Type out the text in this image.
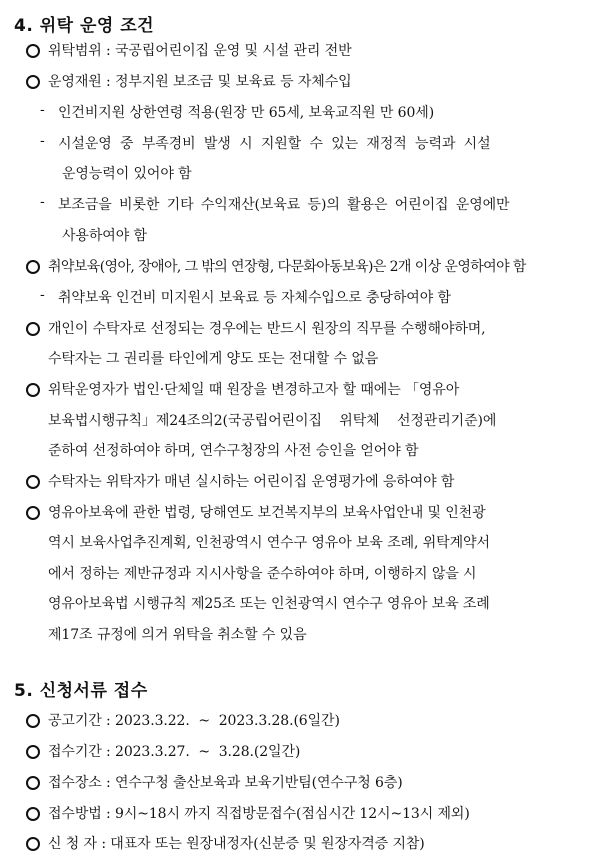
4. 위탁 운영 조건
위탁범위 : 국공립어린이집 운영 및 시설 관리 전반
운영재원 : 정부지원 보조금 및 보육료 등 자체수입
- 인건비지원 상한연령 적용(원장 만 65세, 보육교직원 만 60세)
- 시설운영 중 부족경비 발생 시 지원할 수 있는 재정적 능력과 시설
운영능력이 있어야 함
- 보조금을 비롯한 기타 수익재산(보육료 등)의 활용은 어린이집 운영에만
사용하여야 함
취약보육(영아, 장애아, 그 밖의 연장형, 다문화아동보육)은 2개 이상 운영하여야 함
- 취약보육 인건비 미지원시 보육료 등 자체수입으로 충당하여야 함
개인이 수탁자로 선정되는 경우에는 반드시 원장의 직무를 수행해야하며,
수탁자는 그 권리를 타인에게 양도 또는 전대할 수 없음
위탁운영자가 법인·단체일 때 원장을 변경하고자 할 때에는 「영유아
보육법시행규칙」제24조의2(국공립어린이집    위탁체    선정관리기준)에
준하여 선정하여야 하며, 연수구청장의 사전 승인을 얻어야 함
수탁자는 위탁자가 매년 실시하는 어린이집 운영평가에 응하여야 함
영유아보육에 관한 법령, 당해연도 보건복지부의 보육사업안내 및 인천광
역시 보육사업추진계획, 인천광역시 연수구 영유아 보육 조례, 위탁계약서
에서 정하는 제반규정과 지시사항을 준수하여야 하며, 이행하지 않을 시
영유아보육법 시행규칙 제25조 또는 인천광역시 연수구 영유아 보육 조례
제17조 규정에 의거 위탁을 취소할 수 있음
5. 신청서류 접수
공고기간 : 2023.3.22.  ~  2023.3.28.(6일간)
접수기간 : 2023.3.27.  ~  3.28.(2일간)
접수장소 : 연수구청 출산보육과 보육기반팀(연수구청 6층)
접수방법 : 9시~18시 까지 직접방문접수(점심시간 12시~13시 제외)
신 청 자 : 대표자 또는 원장내정자(신분증 및 원장자격증 지참)
